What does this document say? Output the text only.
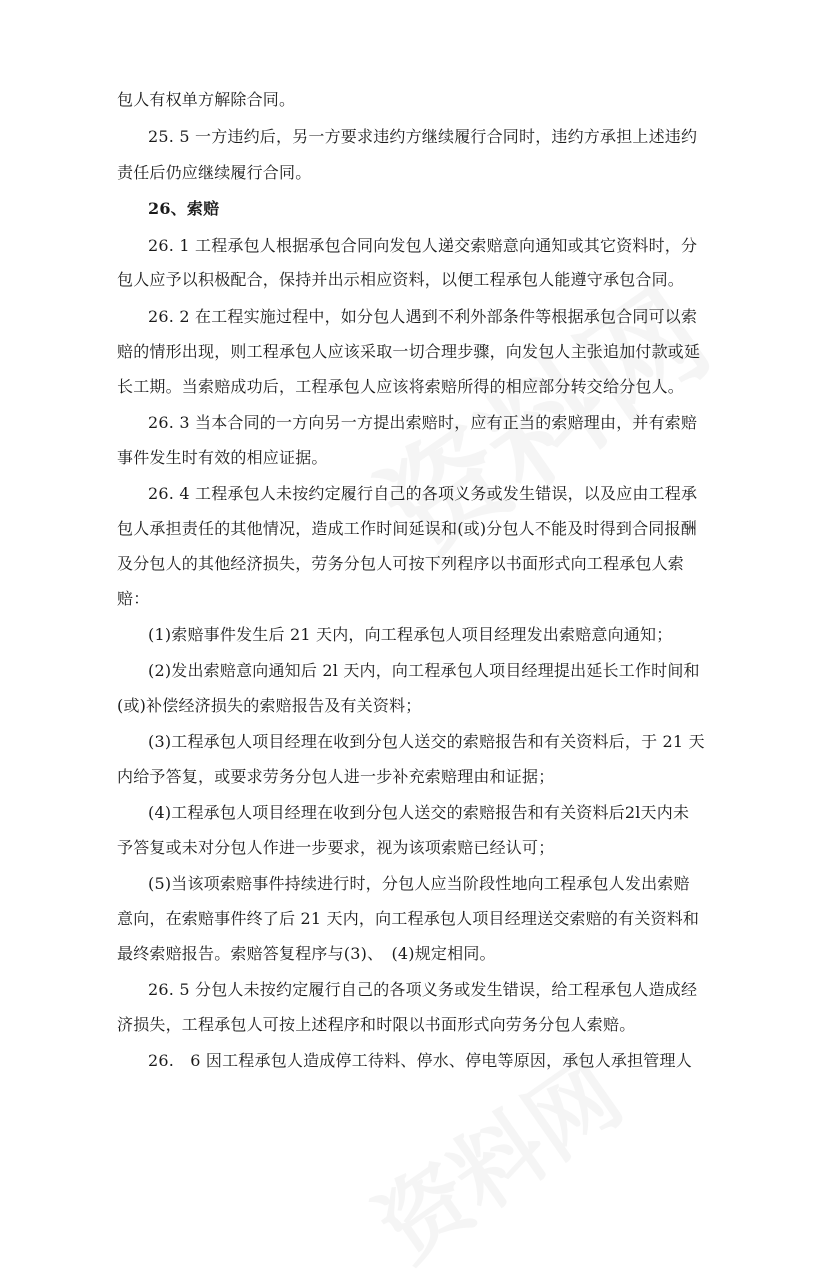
包人有权单方解除合同。
25. 5 一方违约后，另一方要求违约方继续履行合同时，违约方承担上述违约
责任后仍应继续履行合同。
26、索赔
26. 1 工程承包人根据承包合同向发包人递交索赔意向通知或其它资料时，分
包人应予以积极配合，保持并出示相应资料，以便工程承包人能遵守承包合同。
26. 2 在工程实施过程中，如分包人遇到不利外部条件等根据承包合同可以索
赔的情形出现，则工程承包人应该采取一切合理步骤，向发包人主张追加付款或延
长工期。当索赔成功后，工程承包人应该将索赔所得的相应部分转交给分包人。
26. 3 当本合同的一方向另一方提出索赔时，应有正当的索赔理由，并有索赔
事件发生时有效的相应证据。
26. 4 工程承包人未按约定履行自己的各项义务或发生错误，以及应由工程承
包人承担责任的其他情况，造成工作时间延误和(或)分包人不能及时得到合同报酬
及分包人的其他经济损失，劳务分包人可按下列程序以书面形式向工程承包人索
赔：
(1)索赔事件发生后 21 天内，向工程承包人项目经理发出索赔意向通知；
(2)发出索赔意向通知后 2l 天内，向工程承包人项目经理提出延长工作时间和
(或)补偿经济损失的索赔报告及有关资料；
(3)工程承包人项目经理在收到分包人送交的索赔报告和有关资料后，于 21 天
内给予答复，或要求劳务分包人进一步补充索赔理由和证据；
(4)工程承包人项目经理在收到分包人送交的索赔报告和有关资料后2l天内未
予答复或未对分包人作进一步要求，视为该项索赔已经认可；
(5)当该项索赔事件持续进行时，分包人应当阶段性地向工程承包人发出索赔
意向，在索赔事件终了后 21 天内，向工程承包人项目经理送交索赔的有关资料和
最终索赔报告。索赔答复程序与(3)、　(4)规定相同。
26. 5 分包人未按约定履行自己的各项义务或发生错误，给工程承包人造成经
济损失，工程承包人可按上述程序和时限以书面形式向劳务分包人索赔。
26.　6 因工程承包人造成停工待料、停水、停电等原因，承包人承担管理人
